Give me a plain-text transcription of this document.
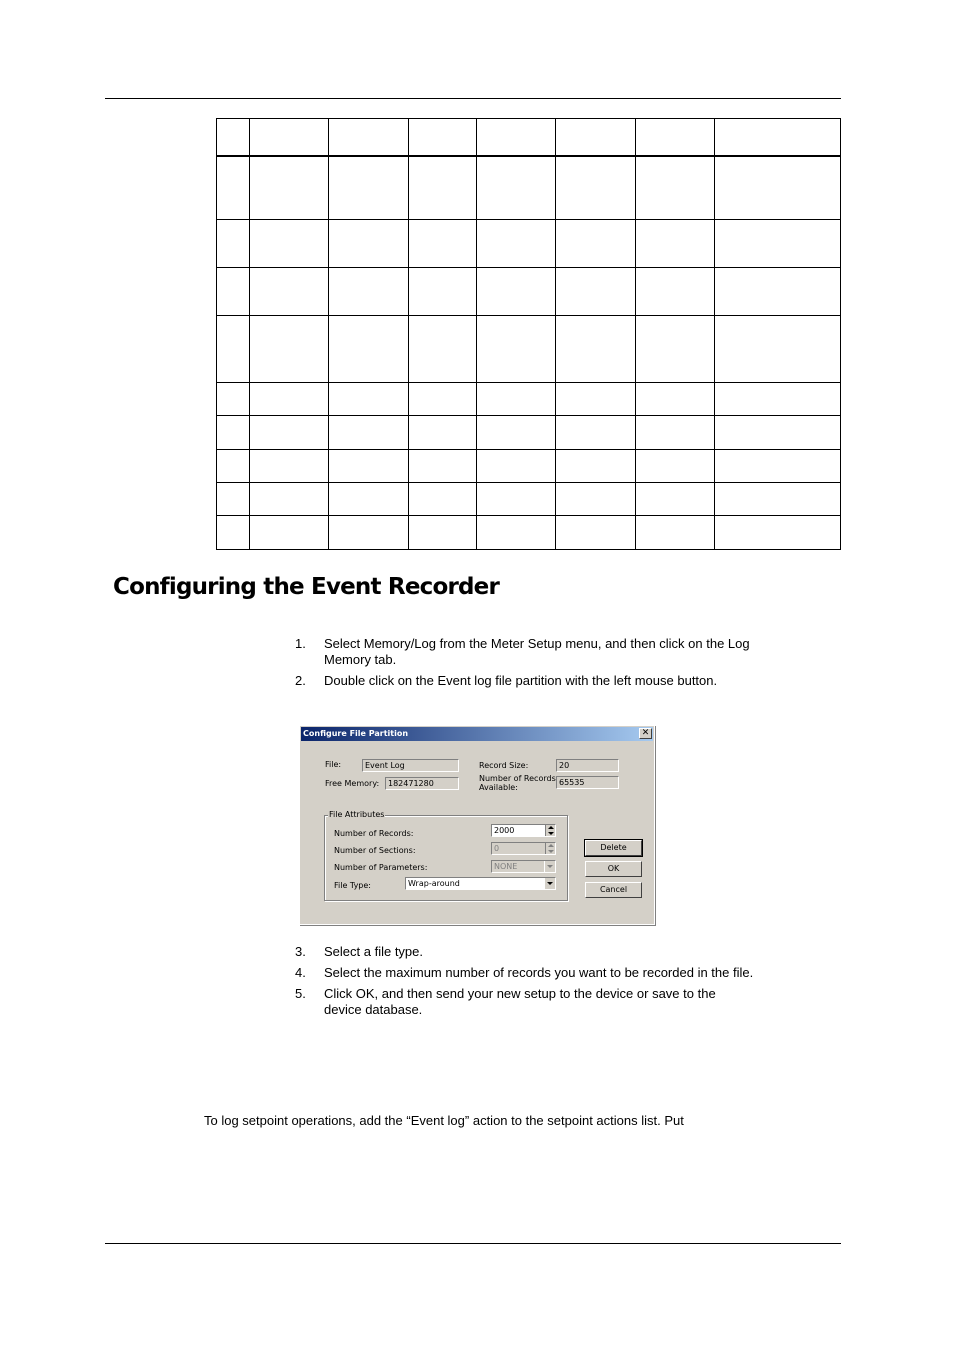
Configuring the Event Recorder
1. Select Memory/Log from the Meter Setup menu, and then click on the Log Memory tab.
2. Double click on the Event log file partition with the left mouse button.
Configure File Partition	✕
File:	Event Log
Free Memory:	182471280
Record Size:	20
Number of Records
Available:
65535
File Attributes
Number of Records:	2000
Number of Sections:	0
Number of Parameters:	NONE
File Type:	Wrap-around
Delete
OK
Cancel
3. Select a file type.
4. Select the maximum number of records you want to be recorded in the file.
5. Click OK, and then send your new setup to the device or save to the device database.

To log setpoint operations, add the “Event log” action to the setpoint actions list. Put
